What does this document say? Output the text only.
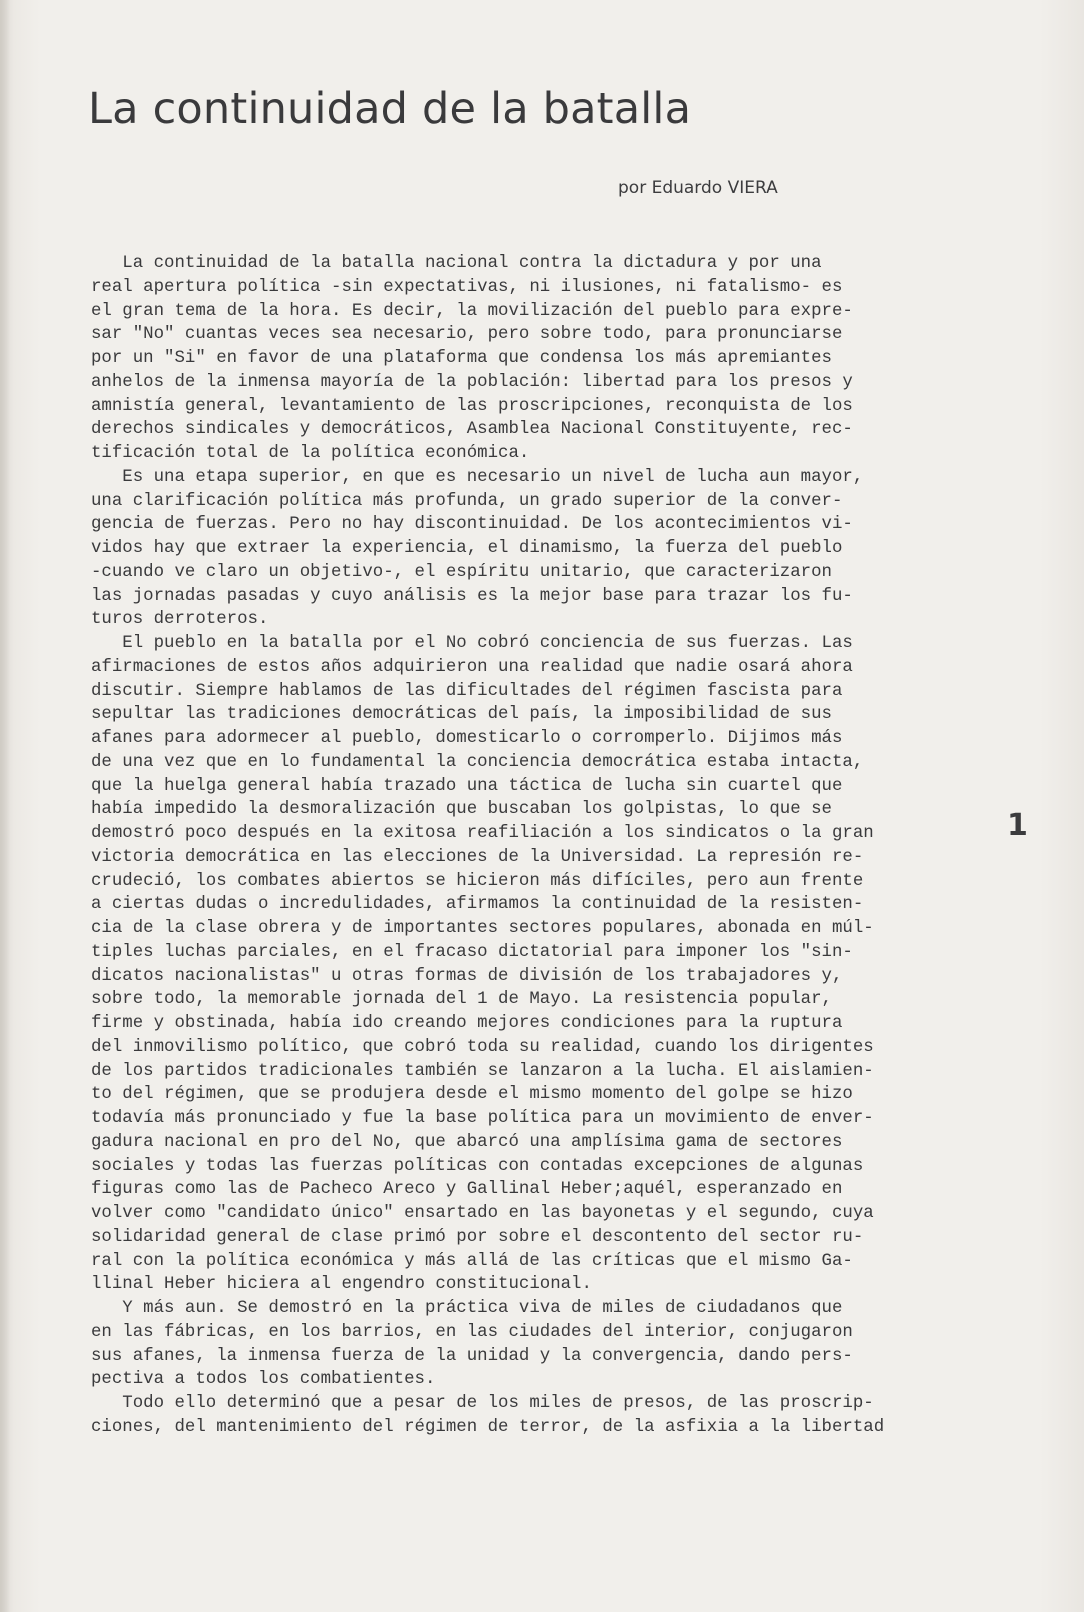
La continuidad de la batalla
por Eduardo VIERA
La continuidad de la batalla nacional contra la dictadura y por una
real apertura política -sin expectativas, ni ilusiones, ni fatalismo- es
el gran tema de la hora. Es decir, la movilización del pueblo para expre-
sar "No" cuantas veces sea necesario, pero sobre todo, para pronunciarse
por un "Si" en favor de una plataforma que condensa los más apremiantes
anhelos de la inmensa mayoría de la población: libertad para los presos y
amnistía general, levantamiento de las proscripciones, reconquista de los
derechos sindicales y democráticos, Asamblea Nacional Constituyente, rec-
tificación total de la política económica.
Es una etapa superior, en que es necesario un nivel de lucha aun mayor,
una clarificación política más profunda, un grado superior de la conver-
gencia de fuerzas. Pero no hay discontinuidad. De los acontecimientos vi-
vidos hay que extraer la experiencia, el dinamismo, la fuerza del pueblo
-cuando ve claro un objetivo-, el espíritu unitario, que caracterizaron
las jornadas pasadas y cuyo análisis es la mejor base para trazar los fu-
turos derroteros.
El pueblo en la batalla por el No cobró conciencia de sus fuerzas. Las
afirmaciones de estos años adquirieron una realidad que nadie osará ahora
discutir. Siempre hablamos de las dificultades del régimen fascista para
sepultar las tradiciones democráticas del país, la imposibilidad de sus
afanes para adormecer al pueblo, domesticarlo o corromperlo. Dijimos más
de una vez que en lo fundamental la conciencia democrática estaba intacta,
que la huelga general había trazado una táctica de lucha sin cuartel que
había impedido la desmoralización que buscaban los golpistas, lo que se
demostró poco después en la exitosa reafiliación a los sindicatos o la gran
victoria democrática en las elecciones de la Universidad. La represión re-
crudeció, los combates abiertos se hicieron más difíciles, pero aun frente
a ciertas dudas o incredulidades, afirmamos la continuidad de la resisten-
cia de la clase obrera y de importantes sectores populares, abonada en múl-
tiples luchas parciales, en el fracaso dictatorial para imponer los "sin-
dicatos nacionalistas" u otras formas de división de los trabajadores y,
sobre todo, la memorable jornada del 1 de Mayo. La resistencia popular,
firme y obstinada, había ido creando mejores condiciones para la ruptura
del inmovilismo político, que cobró toda su realidad, cuando los dirigentes
de los partidos tradicionales también se lanzaron a la lucha. El aislamien-
to del régimen, que se produjera desde el mismo momento del golpe se hizo
todavía más pronunciado y fue la base política para un movimiento de enver-
gadura nacional en pro del No, que abarcó una amplísima gama de sectores
sociales y todas las fuerzas políticas con contadas excepciones de algunas
figuras como las de Pacheco Areco y Gallinal Heber;aquél, esperanzado en
volver como "candidato único" ensartado en las bayonetas y el segundo, cuya
solidaridad general de clase primó por sobre el descontento del sector ru-
ral con la política económica y más allá de las críticas que el mismo Ga-
llinal Heber hiciera al engendro constitucional.
Y más aun. Se demostró en la práctica viva de miles de ciudadanos que
en las fábricas, en los barrios, en las ciudades del interior, conjugaron
sus afanes, la inmensa fuerza de la unidad y la convergencia, dando pers-
pectiva a todos los combatientes.
Todo ello determinó que a pesar de los miles de presos, de las proscrip-
ciones, del mantenimiento del régimen de terror, de la asfixia a la libertad
1
